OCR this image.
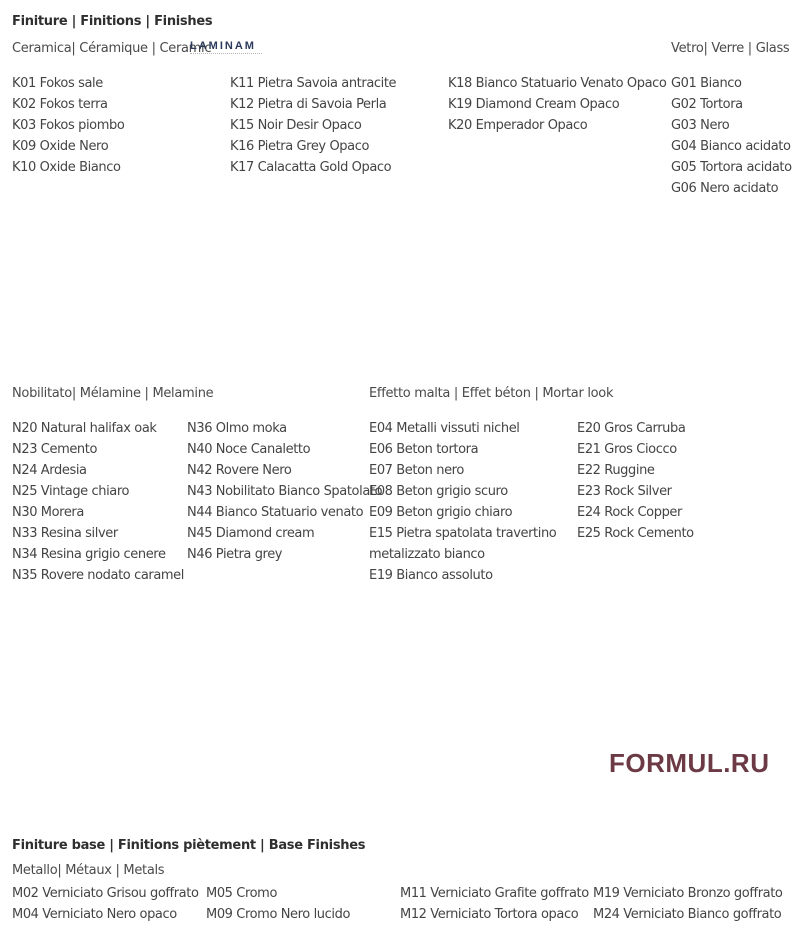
Finiture | Finitions | Finishes
Ceramica| Céramique | Ceramic
LAMINAM	Vetro| Verre | Glass
K01 Fokos sale
K02 Fokos terra
K03 Fokos piombo
K09 Oxide Nero
K10 Oxide Bianco
K11 Pietra Savoia antracite
K12 Pietra di Savoia Perla
K15 Noir Desir Opaco
K16 Pietra Grey Opaco
K17 Calacatta Gold Opaco
K18 Bianco Statuario Venato Opaco
K19 Diamond Cream Opaco
K20 Emperador Opaco
G01 Bianco
G02 Tortora
G03 Nero
G04 Bianco acidato
G05 Tortora acidato
G06 Nero acidato
Nobilitato| Mélamine | Melamine	Effetto malta | Effet béton | Mortar look
N20 Natural halifax oak
N23 Cemento
N24 Ardesia
N25 Vintage chiaro
N30 Morera
N33 Resina silver
N34 Resina grigio cenere
N35 Rovere nodato caramel
N36 Olmo moka
N40 Noce Canaletto
N42 Rovere Nero
N43 Nobilitato Bianco Spatolato
N44 Bianco Statuario venato
N45 Diamond cream
N46 Pietra grey
E04 Metalli vissuti nichel
E06 Beton tortora
E07 Beton nero
E08 Beton grigio scuro
E09 Beton grigio chiaro
E15 Pietra spatolata travertino
metalizzato bianco
E19 Bianco assoluto
E20 Gros Carruba
E21 Gros Ciocco
E22 Ruggine
E23 Rock Silver
E24 Rock Copper
E25 Rock Cemento
FORMUL.RU
Finiture base | Finitions piètement | Base Finishes
Metallo| Métaux | Metals
M02 Verniciato Grisou goffrato
M04 Verniciato Nero opaco
M05 Cromo
M09 Cromo Nero lucido
M11 Verniciato Grafite goffrato
M12 Verniciato Tortora opaco
M19 Verniciato Bronzo goffrato
M24 Verniciato Bianco goffrato
